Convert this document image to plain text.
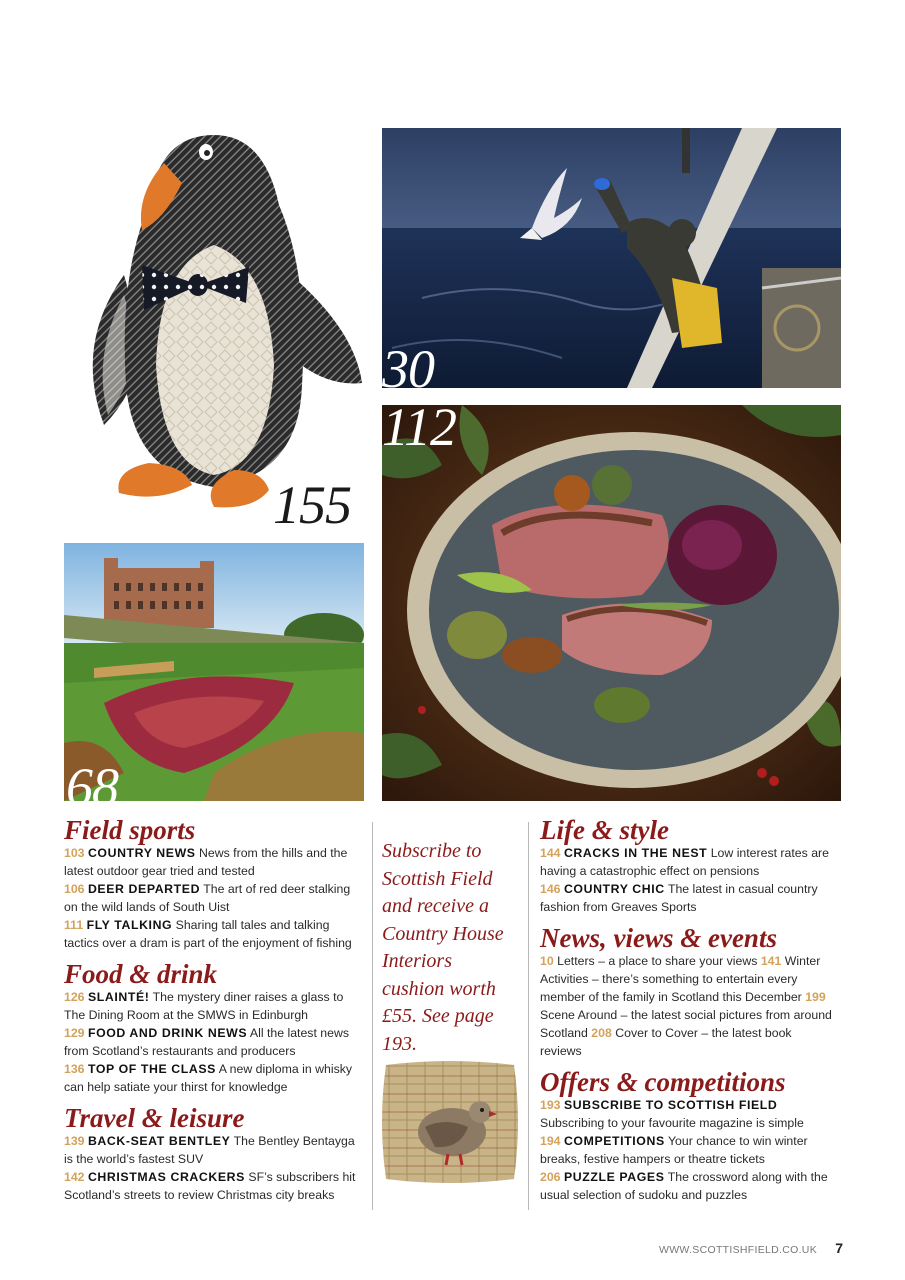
155
30
112
68
Field sports

103 COUNTRY NEWS News from the hills and the latest outdoor gear tried and tested

106 DEER DEPARTED The art of red deer stalking on the wild lands of South Uist

111 FLY TALKING Sharing tall tales and talking tactics over a dram is part of the enjoyment of fishing

Food & drink

126 SLAINTÉ! The mystery diner raises a glass to The Dining Room at the SMWS in Edinburgh

129 FOOD AND DRINK NEWS All the latest news from Scotland’s restaurants and producers

136 TOP OF THE CLASS A new diploma in whisky can help satiate your thirst for knowledge

Travel & leisure

139 BACK-SEAT BENTLEY The Bentley Bentayga is the world’s fastest SUV

142 CHRISTMAS CRACKERS SF’s subscribers hit Scotland’s streets to review Christmas city breaks

Subscribe to Scottish Field and receive a Country House Interiors cushion worth £55. See page 193.
Life & style

144 CRACKS IN THE NEST Low interest rates are having a catastrophic effect on pensions

146 COUNTRY CHIC The latest in casual country fashion from Greaves Sports

News, views & events

10 Letters – a place to share your views 141 Winter Activities – there’s something to entertain every member of the family in Scotland this December 199 Scene Around – the latest social pictures from around Scotland 208 Cover to Cover – the latest book reviews

Offers & competitions

193 SUBSCRIBE TO SCOTTISH FIELD Subscribing to your favourite magazine is simple

194 COMPETITIONS Your chance to win winter breaks, festive hampers or theatre tickets

206 PUZZLE PAGES The crossword along with the usual selection of sudoku and puzzles

WWW.SCOTTISHFIELD.CO.UK 7
